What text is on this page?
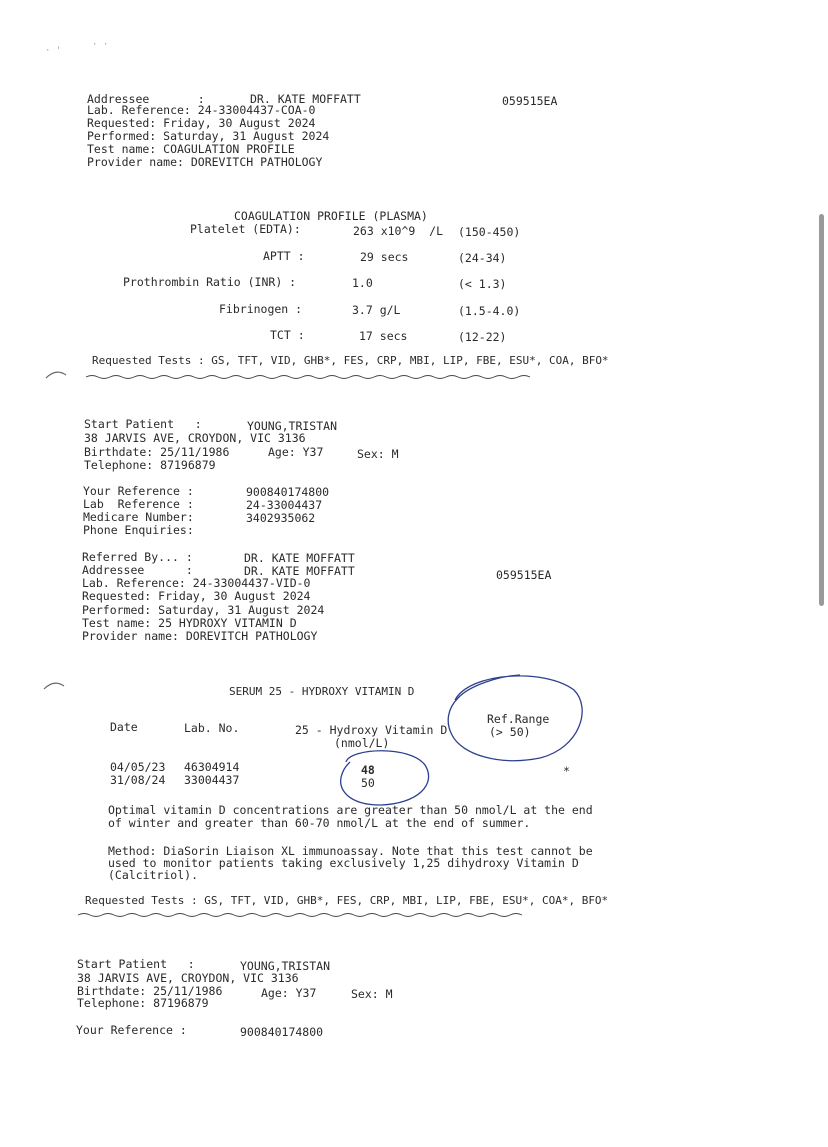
· '
· ·
Addressee       :	DR. KATE MOFFATT	059515EA
Lab. Reference: 24-33004437-COA-0
Requested: Friday, 30 August 2024
Performed: Saturday, 31 August 2024
Test name: COAGULATION PROFILE
Provider name: DOREVITCH PATHOLOGY
COAGULATION PROFILE (PLASMA)
Platelet (EDTA):	263 x10^9  /L (150-450)
APTT :	29 secs	(24-34)
Prothrombin Ratio (INR) :	1.0	(< 1.3)
Fibrinogen :	3.7 g/L	(1.5-4.0)
TCT :	17 secs	(12-22)
Requested Tests : GS, TFT, VID, GHB*, FES, CRP, MBI, LIP, FBE, ESU*, COA, BFO*
Start Patient   :	YOUNG,TRISTAN
38 JARVIS AVE, CROYDON, VIC 3136
Birthdate: 25/11/1986	Age: Y37	Sex: M
Telephone: 87196879
Your Reference :	900840174800
Lab  Reference :	24-33004437
Medicare Number:	3402935062
Phone Enquiries:
Referred By... :	DR. KATE MOFFATT
Addressee      :	DR. KATE MOFFATT	059515EA
Lab. Reference: 24-33004437-VID-0
Requested: Friday, 30 August 2024
Performed: Saturday, 31 August 2024
Test name: 25 HYDROXY VITAMIN D
Provider name: DOREVITCH PATHOLOGY
SERUM 25 - HYDROXY VITAMIN D
Date	Lab. No.	25 - Hydroxy Vitamin D
(nmol/L)
Ref.Range
(> 50)
04/05/23 46304914	48
31/08/24 33004437	50
*
Optimal vitamin D concentrations are greater than 50 nmol/L at the end
of winter and greater than 60-70 nmol/L at the end of summer.
Method: DiaSorin Liaison XL immunoassay. Note that this test cannot be
used to monitor patients taking exclusively 1,25 dihydroxy Vitamin D
(Calcitriol).
Requested Tests : GS, TFT, VID, GHB*, FES, CRP, MBI, LIP, FBE, ESU*, COA*, BFO*
Start Patient   :	YOUNG,TRISTAN
38 JARVIS AVE, CROYDON, VIC 3136
Birthdate: 25/11/1986	Age: Y37	Sex: M
Telephone: 87196879
Your Reference :	900840174800
